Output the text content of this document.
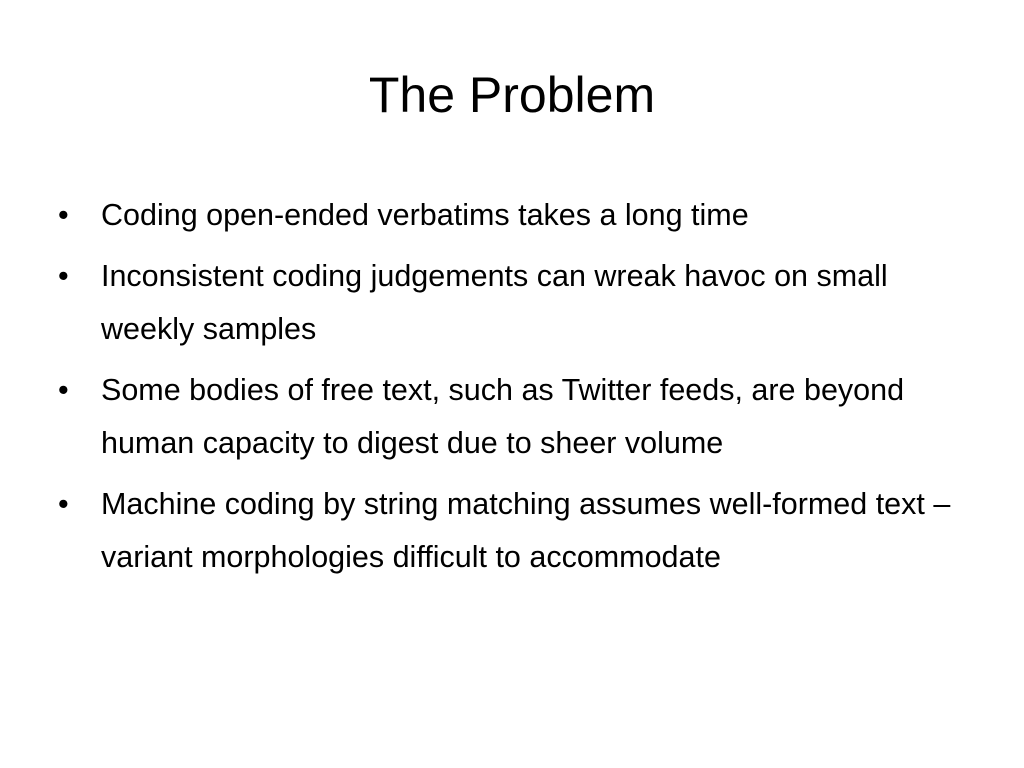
The Problem
•	Coding open-ended verbatims takes a long time
•	Inconsistent coding judgements can wreak havoc on small weekly samples
•	Some bodies of free text, such as Twitter feeds, are beyond human capacity to digest due to sheer volume
•	Machine coding by string matching assumes well-formed text – variant morphologies difficult to accommodate
